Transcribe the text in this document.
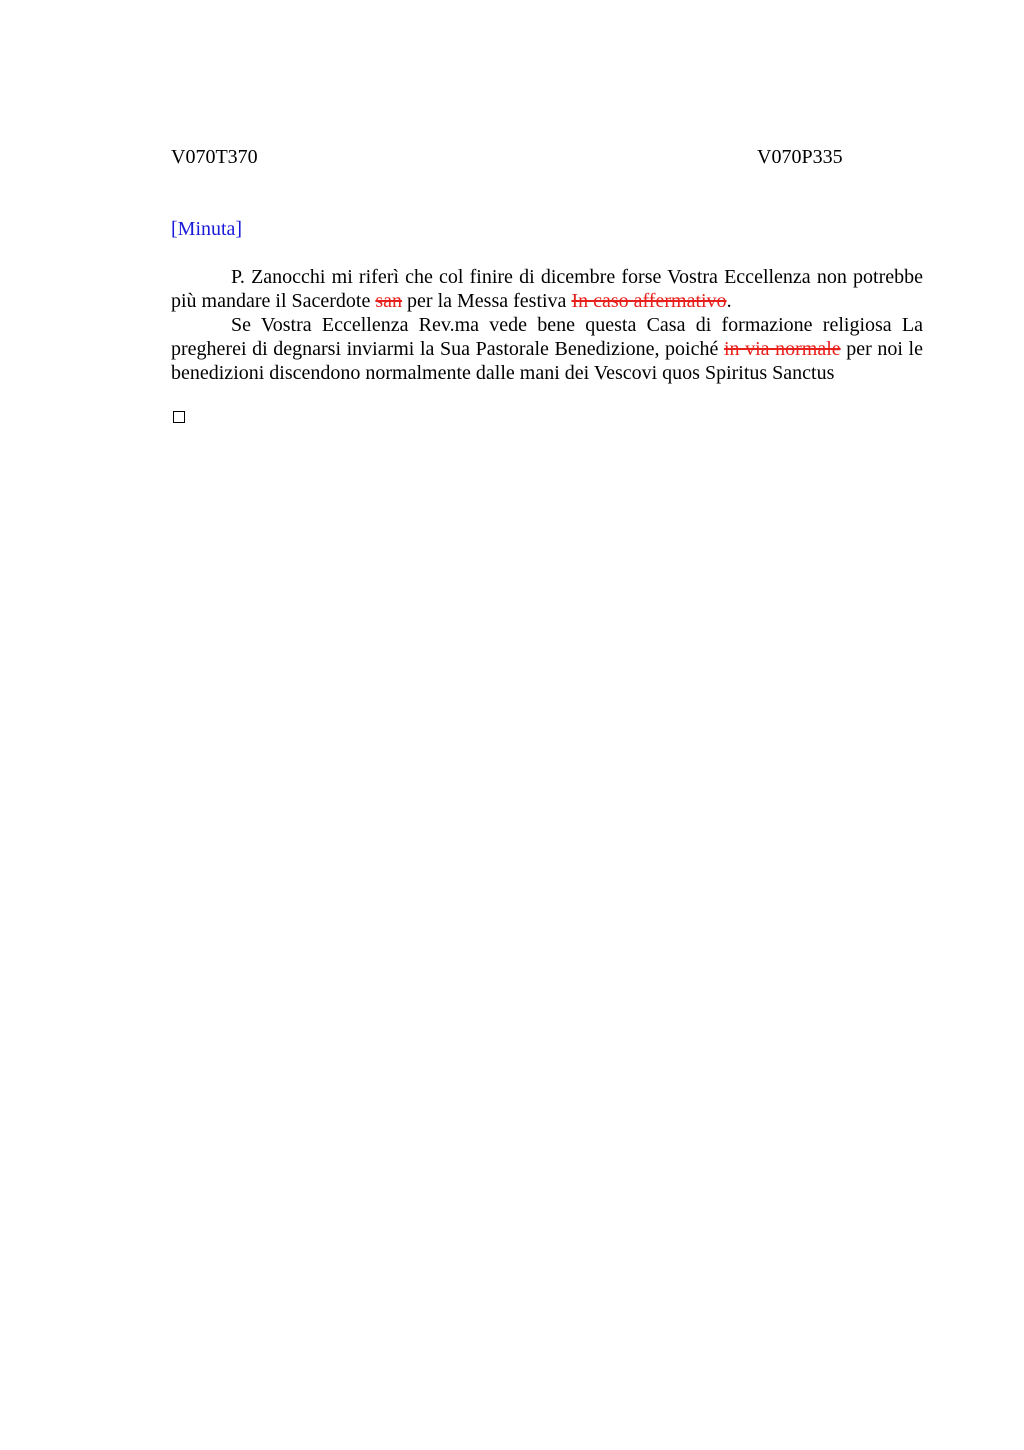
V070T370	V070P335
[Minuta]

P. Zanocchi mi riferì che col finire di dicembre forse Vostra Eccellenza non potrebbe più mandare il Sacerdote san per la Messa festiva In caso affermativo.

Se Vostra Eccellenza Rev.ma vede bene questa Casa di formazione religiosa La pregherei di degnarsi inviarmi la Sua Pastorale Benedizione, poiché in via normale per noi le benedizioni discendono normalmente dalle mani dei Vescovi quos Spiritus Sanctus
